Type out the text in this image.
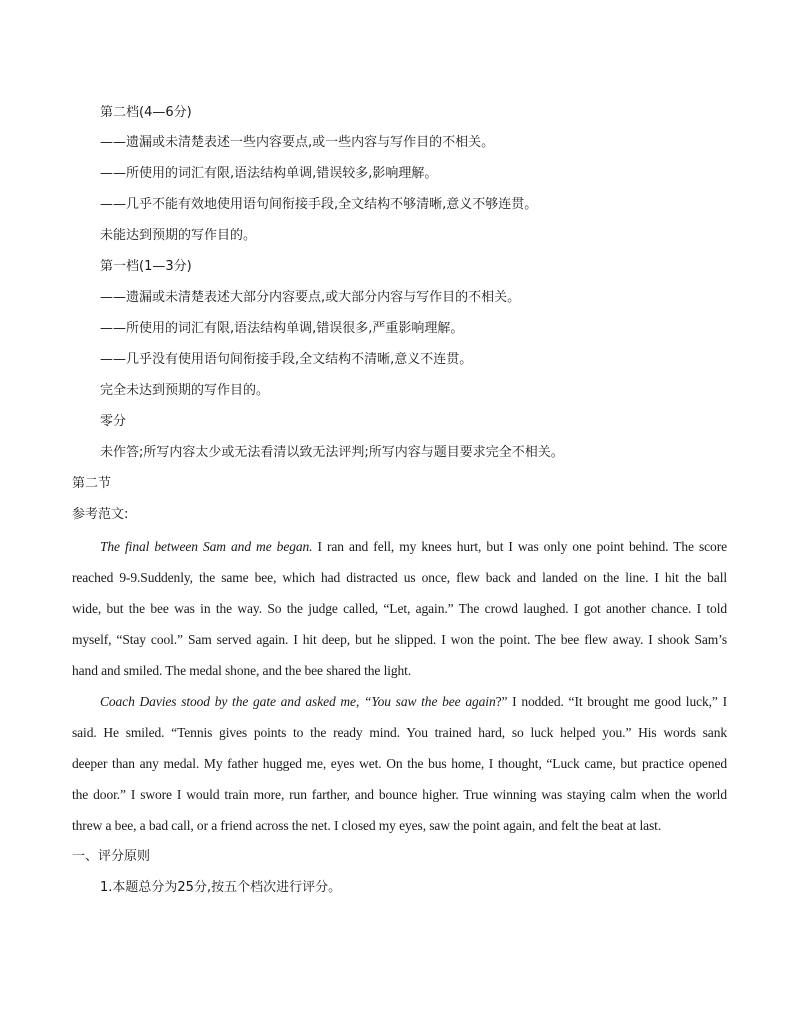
第二档(4—6分)
——遗漏或未清楚表述一些内容要点,或一些内容与写作目的不相关。
——所使用的词汇有限,语法结构单调,错误较多,影响理解。
——几乎不能有效地使用语句间衔接手段,全文结构不够清晰,意义不够连贯。
未能达到预期的写作目的。
第一档(1—3分)
——遗漏或未清楚表述大部分内容要点,或大部分内容与写作目的不相关。
——所使用的词汇有限,语法结构单调,错误很多,严重影响理解。
——几乎没有使用语句间衔接手段,全文结构不清晰,意义不连贯。
完全未达到预期的写作目的。
零分
未作答;所写内容太少或无法看清以致无法评判;所写内容与题目要求完全不相关。
第二节
参考范文:
The final between Sam and me began. I ran and fell, my knees hurt, but I was only one point behind. The score
reached 9-9.Suddenly, the same bee, which had distracted us once, flew back and landed on the line. I hit the ball
wide, but the bee was in the way. So the judge called, “Let, again.” The crowd laughed. I got another chance. I told
myself, “Stay cool.” Sam served again. I hit deep, but he slipped. I won the point. The bee flew away. I shook Sam’s
hand and smiled. The medal shone, and the bee shared the light.
Coach Davies stood by the gate and asked me, “You saw the bee again?” I nodded. “It brought me good luck,” I
said. He smiled. “Tennis gives points to the ready mind. You trained hard, so luck helped you.” His words sank
deeper than any medal. My father hugged me, eyes wet. On the bus home, I thought, “Luck came, but practice opened
the door.” I swore I would train more, run farther, and bounce higher. True winning was staying calm when the world
threw a bee, a bad call, or a friend across the net. I closed my eyes, saw the point again, and felt the beat at last.
一、评分原则
1.本题总分为25分,按五个档次进行评分。
